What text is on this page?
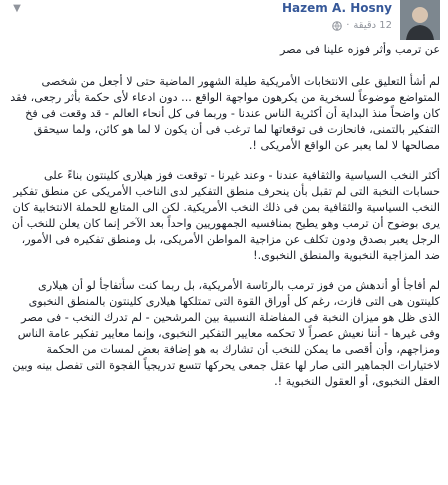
Hazem A. Hosny
12 دقيقة
·
▼

عن ترمب وأثر فوزه علينا فى مصر

لم أشأ التعليق على الانتخابات الأمريكية طيلة الشهور الماضية حتى لا أجعل من شخصى المتواضع موضوعاً لسخرية من يكرهون مواجهة الواقع ... دون ادعاء لأى حكمة بأثر رجعى، فقد كان واضحاً منذ البداية أن أكثرية الناس عندنا - وربما فى كل أنحاء العالم - قد وقعت فى فخ التفكير بالتمنى، فانحازت فى توقعاتها لما ترغب فى أن يكون لا لما هو كائن، ولما سيحقق مصالحها لا لما يعبر عن الواقع الأمريكى !.

أكثر النخب السياسية والثقافية عندنا - وعند غيرنا - توقعت فوز هيلارى كلينتون بناءً على حسابات النخبة التى لم تقبل بأن ينحرف منطق التفكير لدى الناخب الأمريكى عن منطق تفكير النخب السياسية والثقافية بمن فى ذلك النخب الأمريكية. لكن الى المتابع للحملة الانتخابية كان يرى بوضوح أن ترمب وهو يطيح بمنافسيه الجمهوريين واحداً بعد الآخر إنما كان يعلن للنخب أن الرجل يعبر بصدق ودون تكلف عن مزاجية المواطن الأمريكى، بل ومنطق تفكيره فى الأمور، ضد المزاجية النخبوية والمنطق النخبوى.!

لم أفاجأ أو أندهش من فوز ترمب بالرئاسة الأمريكية، بل ربما كنت سأتفاجأ لو أن هيلارى كلينتون هى التى فازت، رغم كل أوراق القوة التى تمتلكها هيلارى كلينتون بالمنطق النخبوى الذى ظل هو ميزان النخبة فى المفاضلة النسبية بين المرشحين - لم تدرك النخب - فى مصر وفى غيرها - أننا نعيش عصراً لا تحكمه معايير التفكير النخبوى، وإنما معايير تفكير عامة الناس ومزاجهم، وأن أقصى ما يمكن للنخب أن تشارك به هو إضافة بعض لمسات من الحكمة لاختيارات الجماهير التى صار لها عقل جمعى يحركها تتسع تدريجياً الفجوة التى تفصل بينه وبين العقل النخبوى، أو العقول النخبوية !.
